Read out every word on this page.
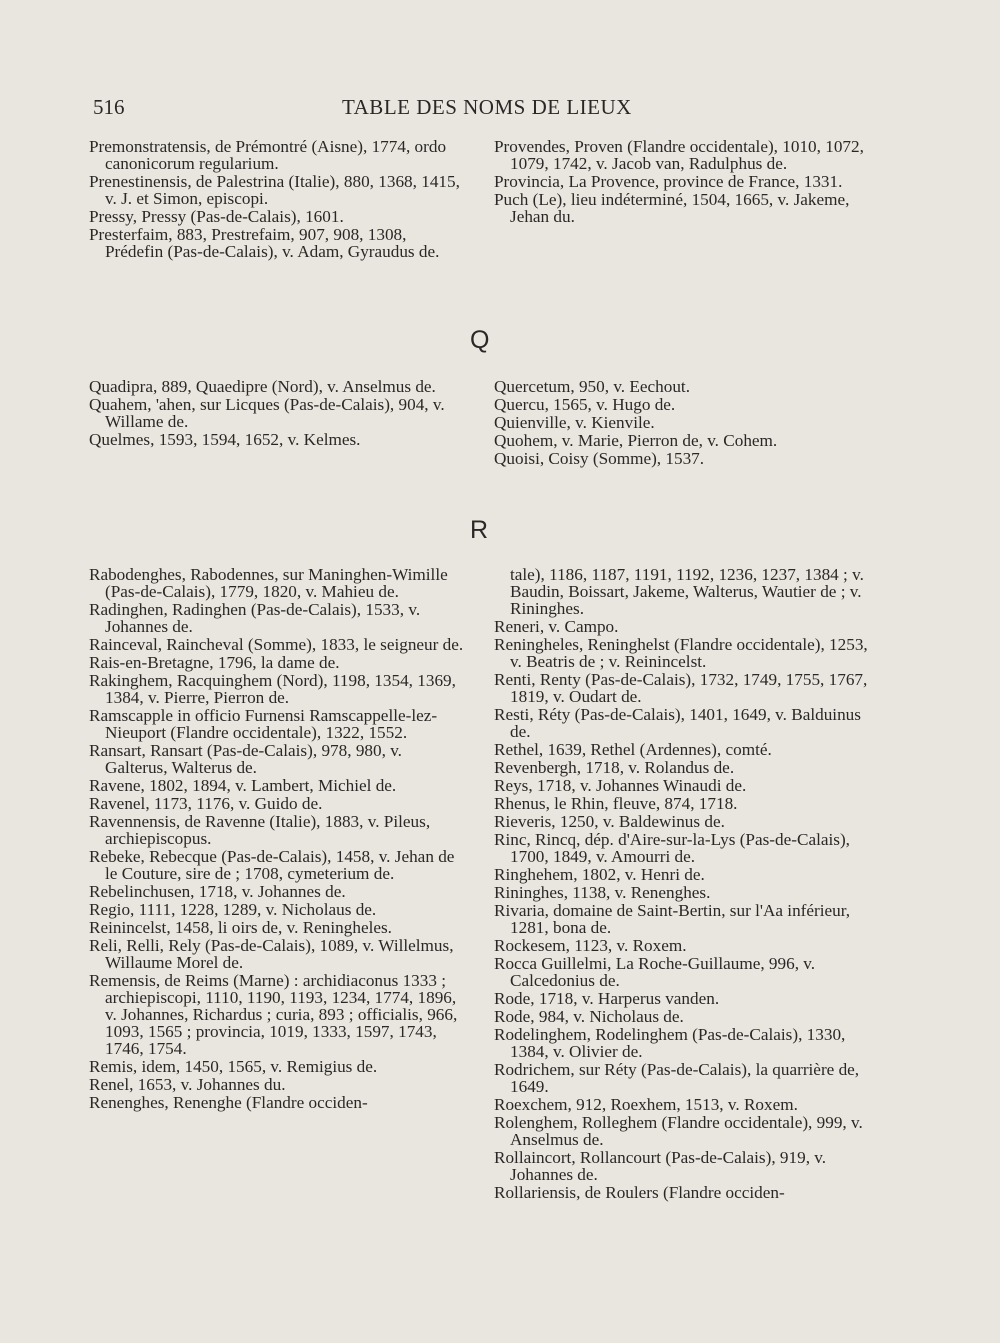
516	TABLE DES NOMS DE LIEUX
Premonstratensis, de Prémontré (Aisne), 1774, ordo canonicorum regularium.
Prenestinensis, de Palestrina (Italie), 880, 1368, 1415, v. J. et Simon, episcopi.
Pressy, Pressy (Pas-de-Calais), 1601.
Presterfaim, 883, Prestrefaim, 907, 908, 1308, Prédefin (Pas-de-Calais), v. Adam, Gyraudus de.
Provendes, Proven (Flandre occidentale), 1010, 1072, 1079, 1742, v. Jacob van, Radulphus de.
Provincia, La Provence, province de France, 1331.
Puch (Le), lieu indéterminé, 1504, 1665, v. Jakeme, Jehan du.
Q
Quadipra, 889, Quaedipre (Nord), v. Anselmus de.
Quahem, 'ahen, sur Licques (Pas-de-Calais), 904, v. Willame de.
Quelmes, 1593, 1594, 1652, v. Kelmes.
Quercetum, 950, v. Eechout.
Quercu, 1565, v. Hugo de.
Quienville, v. Kienvile.
Quohem, v. Marie, Pierron de, v. Cohem.
Quoisi, Coisy (Somme), 1537.
R
Rabodenghes, Rabodennes, sur Maninghen-Wimille (Pas-de-Calais), 1779, 1820, v. Mahieu de.
Radinghen, Radinghen (Pas-de-Calais), 1533, v. Johannes de.
Rainceval, Raincheval (Somme), 1833, le seigneur de.
Rais-en-Bretagne, 1796, la dame de.
Rakinghem, Racquinghem (Nord), 1198, 1354, 1369, 1384, v. Pierre, Pierron de.
Ramscapple in officio Furnensi Ramscappelle-lez-Nieuport (Flandre occidentale), 1322, 1552.
Ransart, Ransart (Pas-de-Calais), 978, 980, v. Galterus, Walterus de.
Ravene, 1802, 1894, v. Lambert, Michiel de.
Ravenel, 1173, 1176, v. Guido de.
Ravennensis, de Ravenne (Italie), 1883, v. Pileus, archiepiscopus.
Rebeke, Rebecque (Pas-de-Calais), 1458, v. Jehan de le Couture, sire de ; 1708, cymeterium de.
Rebelinchusen, 1718, v. Johannes de.
Regio, 1111, 1228, 1289, v. Nicholaus de.
Reinincelst, 1458, li oirs de, v. Reningheles.
Reli, Relli, Rely (Pas-de-Calais), 1089, v. Willelmus, Willaume Morel de.
Remensis, de Reims (Marne) : archidiaconus 1333 ; archiepiscopi, 1110, 1190, 1193, 1234, 1774, 1896, v. Johannes, Richardus ; curia, 893 ; officialis, 966, 1093, 1565 ; provincia, 1019, 1333, 1597, 1743, 1746, 1754.
Remis, idem, 1450, 1565, v. Remigius de.
Renel, 1653, v. Johannes du.
Renenghes, Renenghe (Flandre occiden-
tale), 1186, 1187, 1191, 1192, 1236, 1237, 1384 ; v. Baudin, Boissart, Jakeme, Walterus, Wautier de ; v. Rininghes.
Reneri, v. Campo.
Reningheles, Reninghelst (Flandre occidentale), 1253, v. Beatris de ; v. Reinincelst.
Renti, Renty (Pas-de-Calais), 1732, 1749, 1755, 1767, 1819, v. Oudart de.
Resti, Réty (Pas-de-Calais), 1401, 1649, v. Balduinus de.
Rethel, 1639, Rethel (Ardennes), comté.
Revenbergh, 1718, v. Rolandus de.
Reys, 1718, v. Johannes Winaudi de.
Rhenus, le Rhin, fleuve, 874, 1718.
Rieveris, 1250, v. Baldewinus de.
Rinc, Rincq, dép. d'Aire-sur-la-Lys (Pas-de-Calais), 1700, 1849, v. Amourri de.
Ringhehem, 1802, v. Henri de.
Rininghes, 1138, v. Renenghes.
Rivaria, domaine de Saint-Bertin, sur l'Aa inférieur, 1281, bona de.
Rockesem, 1123, v. Roxem.
Rocca Guillelmi, La Roche-Guillaume, 996, v. Calcedonius de.
Rode, 1718, v. Harperus vanden.
Rode, 984, v. Nicholaus de.
Rodelinghem, Rodelinghem (Pas-de-Calais), 1330, 1384, v. Olivier de.
Rodrichem, sur Réty (Pas-de-Calais), la quarrière de, 1649.
Roexchem, 912, Roexhem, 1513, v. Roxem.
Rolenghem, Rolleghem (Flandre occidentale), 999, v. Anselmus de.
Rollaincort, Rollancourt (Pas-de-Calais), 919, v. Johannes de.
Rollariensis, de Roulers (Flandre occiden-
